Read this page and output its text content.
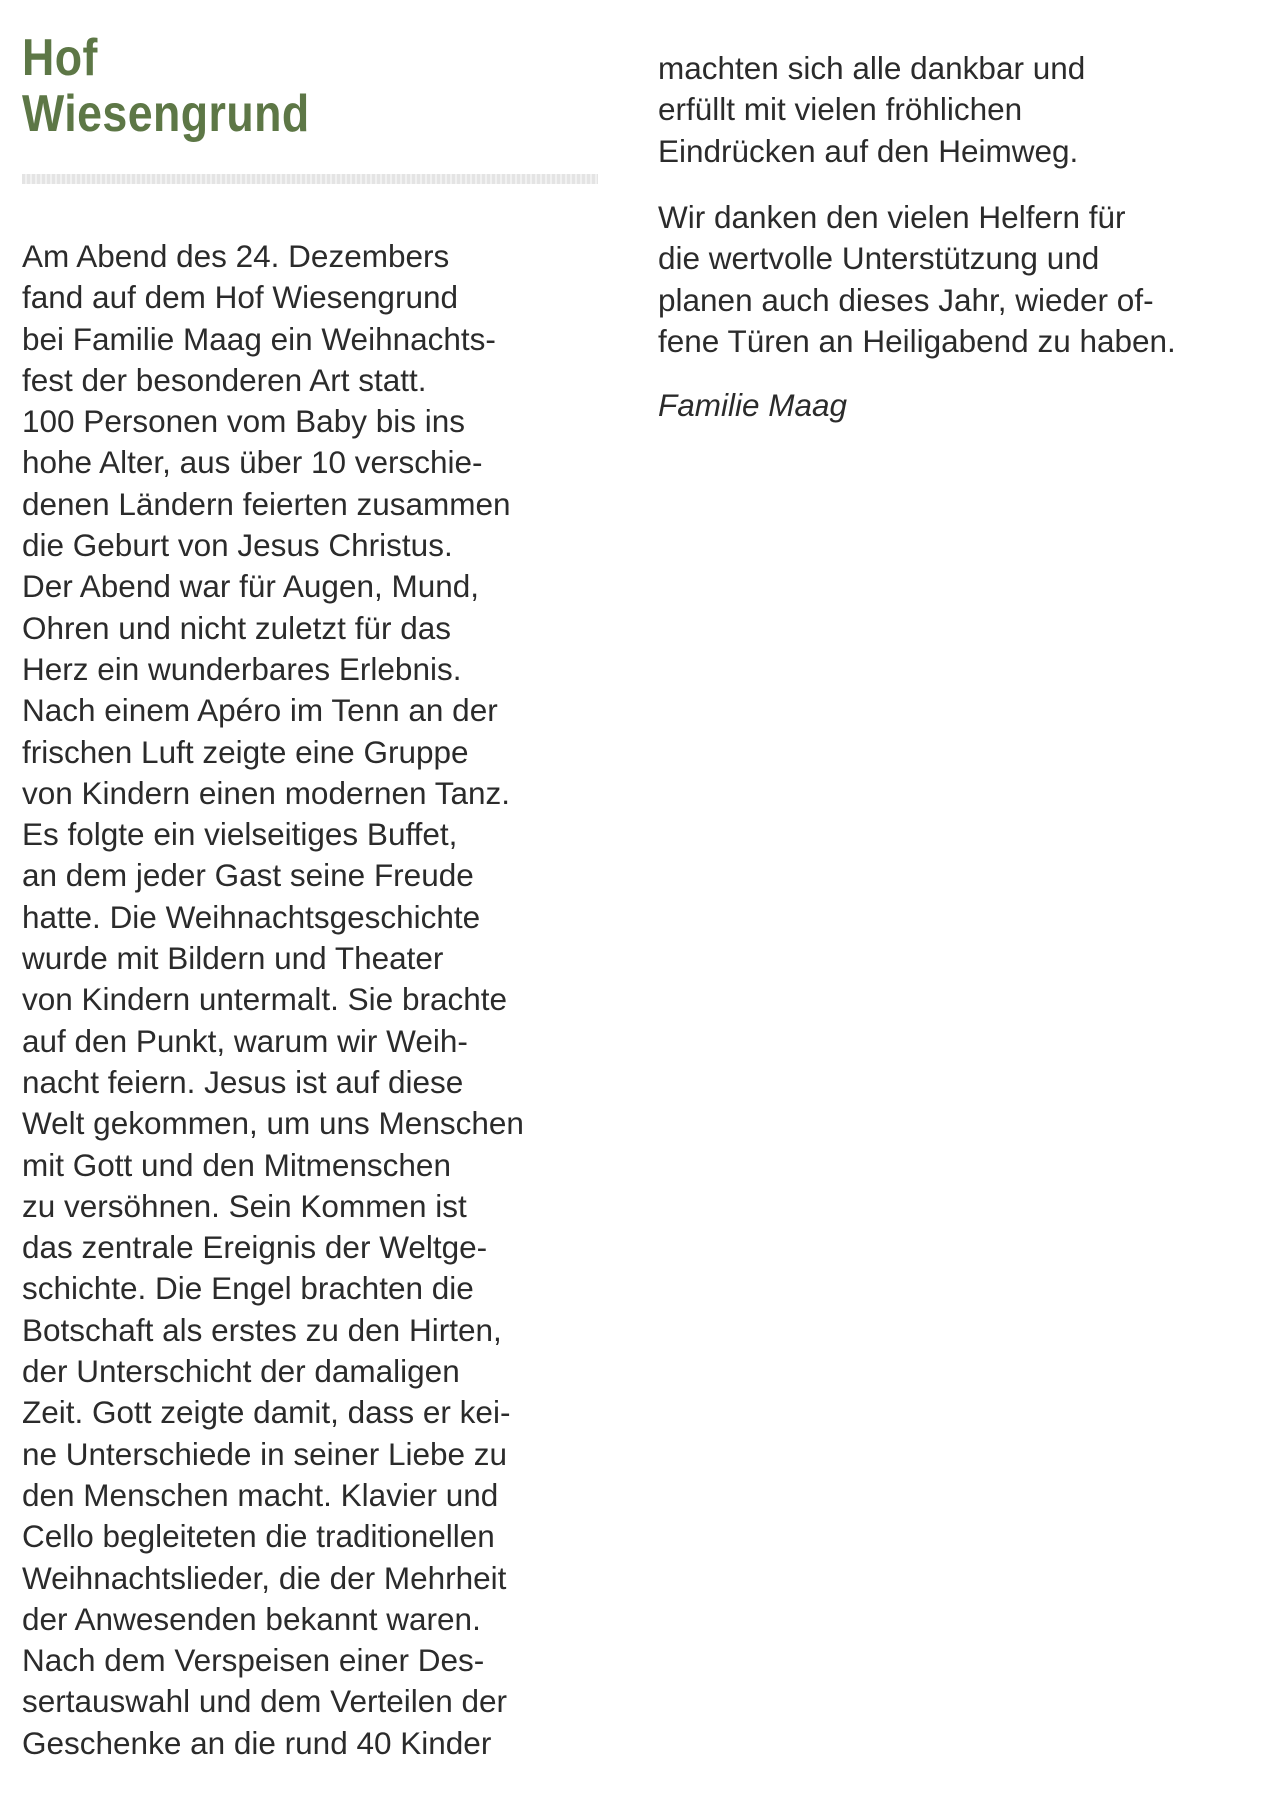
Hof
Wiesengrund
Am Abend des 24. Dezembers
fand auf dem Hof Wiesengrund
bei Familie Maag ein Weihnachts-
fest der besonderen Art statt.
100 Personen vom Baby bis ins
hohe Alter, aus über 10 verschie-
denen Ländern feierten zusammen
die Geburt von Jesus Christus.
Der Abend war für Augen, Mund,
Ohren und nicht zuletzt für das
Herz ein wunderbares Erlebnis.
Nach einem Apéro im Tenn an der
frischen Luft zeigte eine Gruppe
von Kindern einen modernen Tanz.
Es folgte ein vielseitiges Buffet,
an dem jeder Gast seine Freude
hatte. Die Weihnachtsgeschichte
wurde mit Bildern und Theater
von Kindern untermalt. Sie brachte
auf den Punkt, warum wir Weih-
nacht feiern. Jesus ist auf diese
Welt gekommen, um uns Menschen
mit Gott und den Mitmenschen
zu versöhnen. Sein Kommen ist
das zentrale Ereignis der Weltge-
schichte. Die Engel brachten die
Botschaft als erstes zu den Hirten,
der Unterschicht der damaligen
Zeit. Gott zeigte damit, dass er kei-
ne Unterschiede in seiner Liebe zu
den Menschen macht. Klavier und
Cello begleiteten die traditionellen
Weihnachtslieder, die der Mehrheit
der Anwesenden bekannt waren.
Nach dem Verspeisen einer Des-
sertauswahl und dem Verteilen der
Geschenke an die rund 40 Kinder
machten sich alle dankbar und
erfüllt mit vielen fröhlichen
Eindrücken auf den Heimweg.
Wir danken den vielen Helfern für
die wertvolle Unterstützung und
planen auch dieses Jahr, wieder of-
fene Türen an Heiligabend zu haben.
Familie Maag
